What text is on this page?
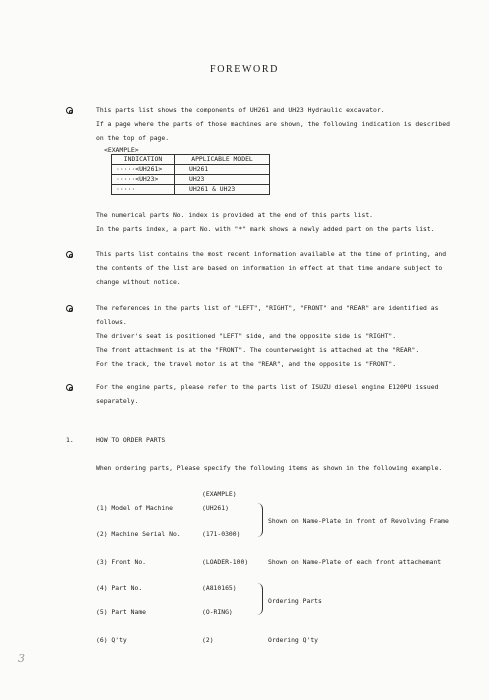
FOREWORD
This parts list shows the components of UH261 and UH23 Hydraulic excavator.
If a page where the parts of those machines are shown, the following indication is described
on the top of page.
<EXAMPLE>
INDICATION	APPLICABLE MODEL
·····<UH261>	UH261
·····<UH23>	UH23
·····	UH261 & UH23
The numerical parts No. index is provided at the end of this parts list.
In the parts index, a part No. with "*" mark shows a newly added part on the parts list.
This parts list contains the most recent information available at the time of printing, and
the contents of the list are based on information in effect at that time andare subject to
change without notice.
The references in the parts list of "LEFT", "RIGHT", "FRONT" and "REAR" are identified as
follows.
The driver's seat is positioned "LEFT" side, and the opposite side is "RIGHT".
The front attachment is at the "FRONT". The counterweight is attached at the "REAR".
For the track, the travel motor is at the "REAR", and the opposite is "FRONT".
For the engine parts, please refer to the parts list of ISUZU diesel engine E120PU issued
separately.
1.	HOW TO ORDER PARTS
When ordering parts, Please specify the following items as shown in the following example.
(EXAMPLE)
(1) Model of Machine	(UH261)
(2) Machine Serial No.	(171-0300)
Shown on Name-Plate in front of Revolving Frame
(3) Front No.	(LOADER-100)	Shown on Name-Plate of each front attachemant
(4) Part No.	(A810165)
(5) Part Name	(O-RING)
Ordering Parts
(6) Q'ty	(2)	Ordering Q'ty
3
